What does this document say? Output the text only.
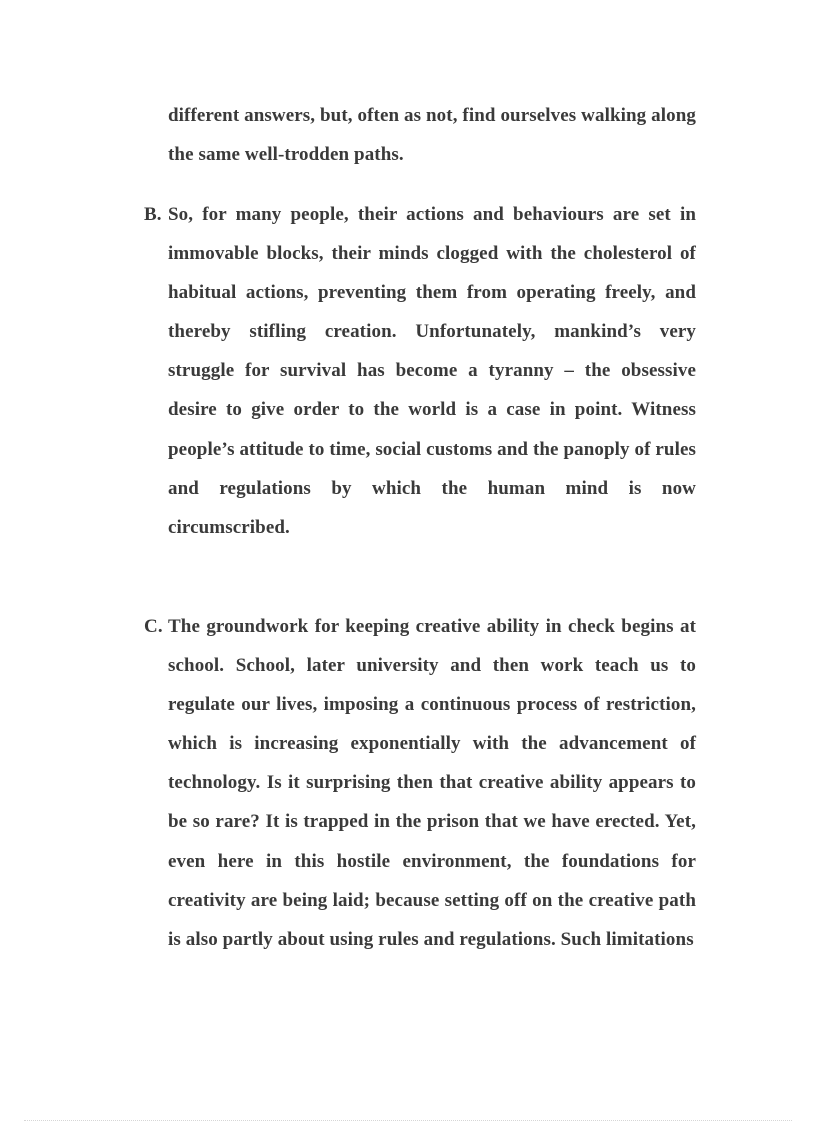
different answers, but, often as not, find ourselves walking along the same well-trodden paths.
B. So, for many people, their actions and behaviours are set in immovable blocks, their minds clogged with the cholesterol of habitual actions, preventing them from operating freely, and thereby stifling creation. Unfortunately, mankind’s very struggle for survival has become a tyranny – the obsessive desire to give order to the world is a case in point. Witness people’s attitude to time, social customs and the panoply of rules and regulations by which the human mind is now circumscribed.
C. The groundwork for keeping creative ability in check begins at school. School, later university and then work teach us to regulate our lives, imposing a continuous process of restriction, which is increasing exponentially with the advancement of technology. Is it surprising then that creative ability appears to be so rare? It is trapped in the prison that we have erected. Yet, even here in this hostile environment, the foundations for creativity are being laid; because setting off on the creative path is also partly about using rules and regulations. Such limitations
